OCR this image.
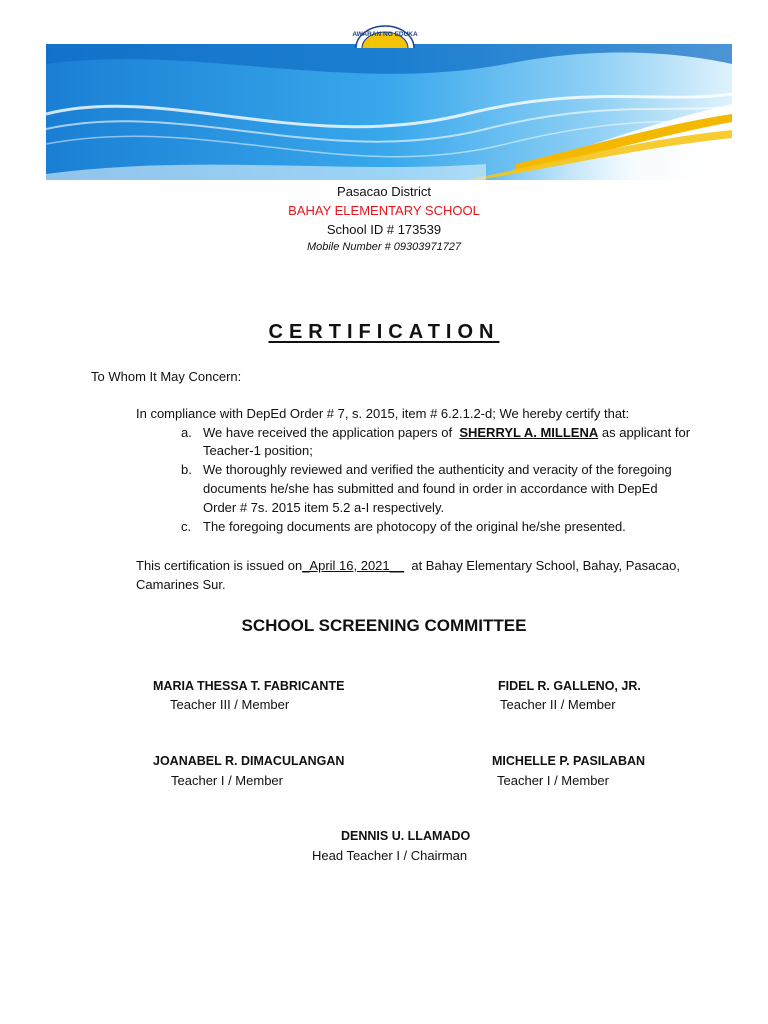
AWARAN NG EDUKA
Pasacao District
BAHAY ELEMENTARY SCHOOL
School ID # 173539
Mobile Number # 09303971727
CERTIFICATION
To Whom It May Concern:
In compliance with DepEd Order # 7, s. 2015, item # 6.2.1.2-d; We hereby certify that:
a. We have received the application papers of SHERRYL A. MILLENA as applicant for
Teacher-1 position;
b. We thoroughly reviewed and verified the authenticity and veracity of the foregoing
documents he/she has submitted and found in order in accordance with DepEd
Order # 7s. 2015 item 5.2 a-I respectively.
c. The foregoing documents are photocopy of the original he/she presented.
This certification is issued on_April 16, 2021__ at Bahay Elementary School, Bahay, Pasacao,
Camarines Sur.
SCHOOL SCREENING COMMITTEE
MARIA THESSA T. FABRICANTE
Teacher III / Member
FIDEL R. GALLENO, JR.
Teacher II / Member
JOANABEL R. DIMACULANGAN
Teacher I / Member
MICHELLE P. PASILABAN
Teacher I / Member
DENNIS U. LLAMADO
Head Teacher I / Chairman
